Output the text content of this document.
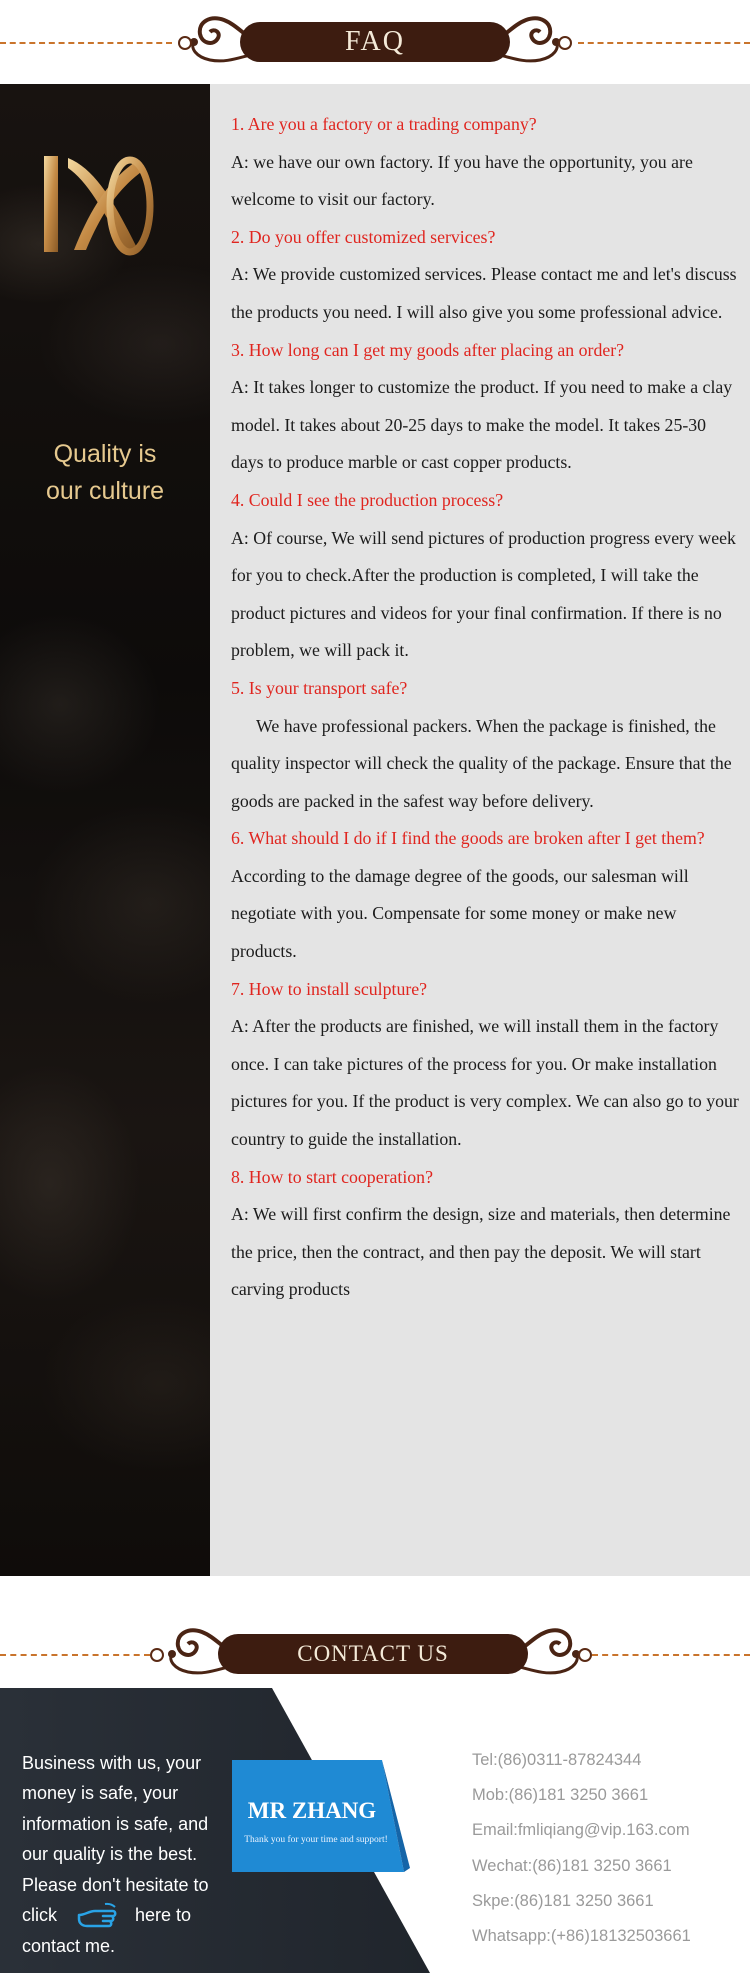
FAQ
Quality is
our culture
1. Are you a factory or a trading company?
A: we have our own factory. If you have the opportunity, you are welcome to visit our factory.
2. Do you offer customized services?
A: We provide customized services. Please contact me and let's discuss the products you need. I will also give you some professional advice.
3. How long can I get my goods after placing an order?
A: It takes longer to customize the product. If you need to make a clay model. It takes about 20-25 days to make the model. It takes 25-30 days to produce marble or cast copper products.
4. Could I see the production process?
A: Of course, We will send pictures of production progress every week for you to check.After the production is completed, I will take the product pictures and videos for your final confirmation. If there is no problem, we will pack it.
5. Is your transport safe?
We have professional packers. When the package is finished, the quality inspector will check the quality of the package. Ensure that the goods are packed in the safest way before delivery.
6. What should I do if I find the goods are broken after I get them?
According to the damage degree of the goods, our salesman will negotiate with you. Compensate for some money or make new products.
7. How to install sculpture?
A: After the products are finished, we will install them in the factory once. I can take pictures of the process for you. Or make installation pictures for you. If the product is very complex. We can also go to your country to guide the installation.
8. How to start cooperation?
A: We will first confirm the design, size and materials, then determine the price, then the contract, and then pay the deposit. We will start carving products
CONTACT US
Business with us, your money is safe, your information is safe, and our quality is the best. Please don't hesitate to click	here to contact me.
MR ZHANG
Thank you for your time and support!
Tel:(86)0311-87824344
Mob:(86)181 3250 3661
Email:fmliqiang@vip.163.com
Wechat:(86)181 3250 3661
Skpe:(86)181 3250 3661
Whatsapp:(+86)18132503661
